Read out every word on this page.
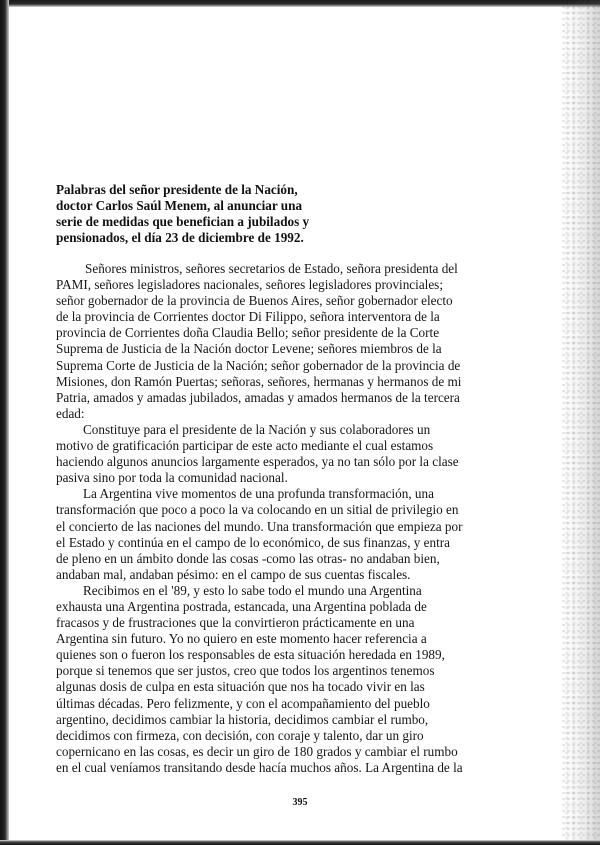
Palabras del señor presidente de la Nación,
doctor Carlos Saúl Menem, al anunciar una
serie de medidas que benefician a jubilados y
pensionados, el día 23 de diciembre de 1992.

Señores ministros, señores secretarios de Estado, señora presidenta del
PAMI, señores legisladores nacionales, señores legisladores provinciales;
señor gobernador de la provincia de Buenos Aires, señor gobernador electo
de la provincia de Corrientes doctor Di Filippo, señora interventora de la
provincia de Corrientes doña Claudia Bello; señor presidente de la Corte
Suprema de Justicia de la Nación doctor Levene; señores miembros de la
Suprema Corte de Justicia de la Nación; señor gobernador de la provincia de
Misiones, don Ramón Puertas; señoras, señores, hermanas y hermanos de mi
Patria, amados y amadas jubilados, amadas y amados hermanos de la tercera
edad:

Constituye para el presidente de la Nación y sus colaboradores un
motivo de gratificación participar de este acto mediante el cual estamos
haciendo algunos anuncios largamente esperados, ya no tan sólo por la clase
pasiva sino por toda la comunidad nacional.

La Argentina vive momentos de una profunda transformación, una
transformación que poco a poco la va colocando en un sitial de privilegio en
el concierto de las naciones del mundo. Una transformación que empieza por
el Estado y continúa en el campo de lo económico, de sus finanzas, y entra
de pleno en un ámbito donde las cosas -como las otras- no andaban bien,
andaban mal, andaban pésimo: en el campo de sus cuentas fiscales.

Recibimos en el '89, y esto lo sabe todo el mundo una Argentina
exhausta una Argentina postrada, estancada, una Argentina poblada de
fracasos y de frustraciones que la convirtieron prácticamente en una
Argentina sin futuro. Yo no quiero en este momento hacer referencia a
quienes son o fueron los responsables de esta situación heredada en 1989,
porque si tenemos que ser justos, creo que todos los argentinos tenemos
algunas dosis de culpa en esta situación que nos ha tocado vivir en las
últimas décadas. Pero felizmente, y con el acompañamiento del pueblo
argentino, decidimos cambiar la historia, decidimos cambiar el rumbo,
decidimos con firmeza, con decisión, con coraje y talento, dar un giro
copernicano en las cosas, es decir un giro de 180 grados y cambiar el rumbo
en el cual veníamos transitando desde hacía muchos años. La Argentina de la

395
